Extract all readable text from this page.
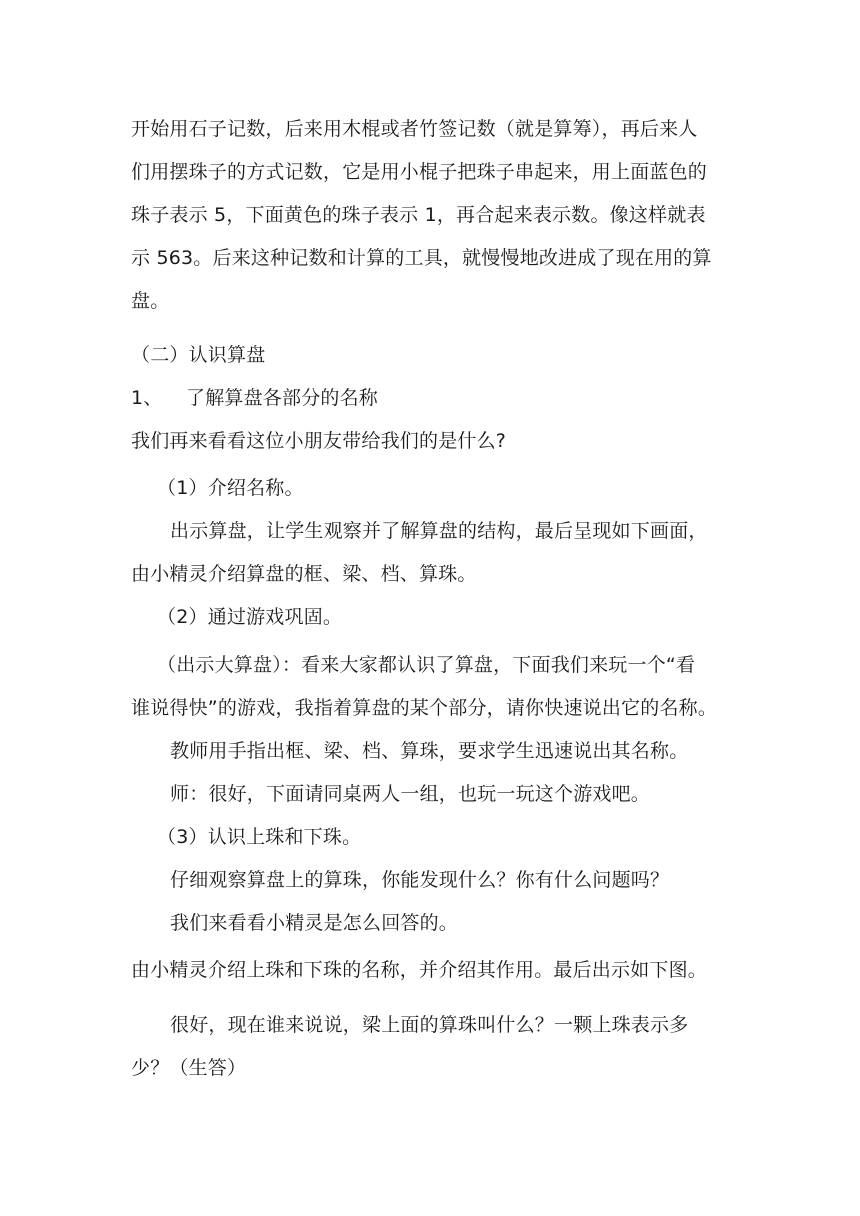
开始用石子记数，后来用木棍或者竹签记数（就是算筹），再后来人
们用摆珠子的方式记数，它是用小棍子把珠子串起来，用上面蓝色的
珠子表示 5，下面黄色的珠子表示 1，再合起来表示数。像这样就表
示 563。后来这种记数和计算的工具，就慢慢地改进成了现在用的算
盘。
（二）认识算盘
1、 了解算盘各部分的名称
我们再来看看这位小朋友带给我们的是什么?
（1）介绍名称。
出示算盘，让学生观察并了解算盘的结构，最后呈现如下画面，
由小精灵介绍算盘的框、梁、档、算珠。
（2）通过游戏巩固。
（出示大算盘）：看来大家都认识了算盘，下面我们来玩一个“看
谁说得快”的游戏，我指着算盘的某个部分，请你快速说出它的名称。
教师用手指出框、梁、档、算珠，要求学生迅速说出其名称。
师：很好，下面请同桌两人一组，也玩一玩这个游戏吧。
（3）认识上珠和下珠。
仔细观察算盘上的算珠，你能发现什么？你有什么问题吗？
我们来看看小精灵是怎么回答的。
由小精灵介绍上珠和下珠的名称，并介绍其作用。最后出示如下图。
很好，现在谁来说说，梁上面的算珠叫什么？一颗上珠表示多
少？（生答）
